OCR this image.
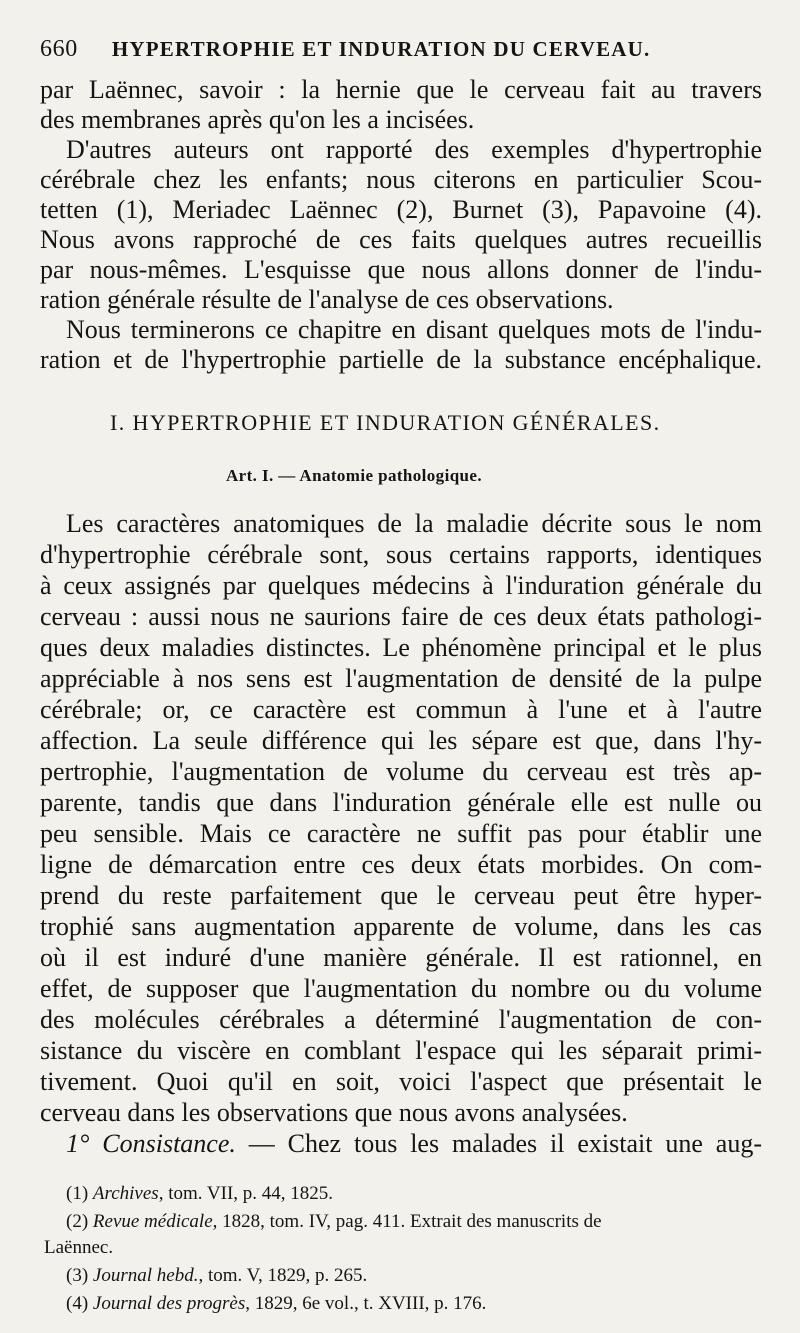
660 HYPERTROPHIE ET INDURATION DU CERVEAU.
par Laënnec, savoir : la hernie que le cerveau fait au travers
des membranes après qu'on les a incisées.
D'autres auteurs ont rapporté des exemples d'hypertrophie
cérébrale chez les enfants; nous citerons en particulier Scou-
tetten (1), Meriadec Laënnec (2), Burnet (3), Papavoine (4).
Nous avons rapproché de ces faits quelques autres recueillis
par nous-mêmes. L'esquisse que nous allons donner de l'indu-
ration générale résulte de l'analyse de ces observations.
Nous terminerons ce chapitre en disant quelques mots de l'indu-
ration et de l'hypertrophie partielle de la substance encéphalique.
I. HYPERTROPHIE ET INDURATION GÉNÉRALES.
Art. I. — Anatomie pathologique.
Les caractères anatomiques de la maladie décrite sous le nom
d'hypertrophie cérébrale sont, sous certains rapports, identiques
à ceux assignés par quelques médecins à l'induration générale du
cerveau : aussi nous ne saurions faire de ces deux états pathologi-
ques deux maladies distinctes. Le phénomène principal et le plus
appréciable à nos sens est l'augmentation de densité de la pulpe
cérébrale; or, ce caractère est commun à l'une et à l'autre
affection. La seule différence qui les sépare est que, dans l'hy-
pertrophie, l'augmentation de volume du cerveau est très ap-
parente, tandis que dans l'induration générale elle est nulle ou
peu sensible. Mais ce caractère ne suffit pas pour établir une
ligne de démarcation entre ces deux états morbides. On com-
prend du reste parfaitement que le cerveau peut être hyper-
trophié sans augmentation apparente de volume, dans les cas
où il est induré d'une manière générale. Il est rationnel, en
effet, de supposer que l'augmentation du nombre ou du volume
des molécules cérébrales a déterminé l'augmentation de con-
sistance du viscère en comblant l'espace qui les séparait primi-
tivement. Quoi qu'il en soit, voici l'aspect que présentait le
cerveau dans les observations que nous avons analysées.
1° Consistance. — Chez tous les malades il existait une aug-
(1) Archives, tom. VII, p. 44, 1825.
(2) Revue médicale, 1828, tom. IV, pag. 411. Extrait des manuscrits de
Laënnec.
(3) Journal hebd., tom. V, 1829, p. 265.
(4) Journal des progrès, 1829, 6e vol., t. XVIII, p. 176.
